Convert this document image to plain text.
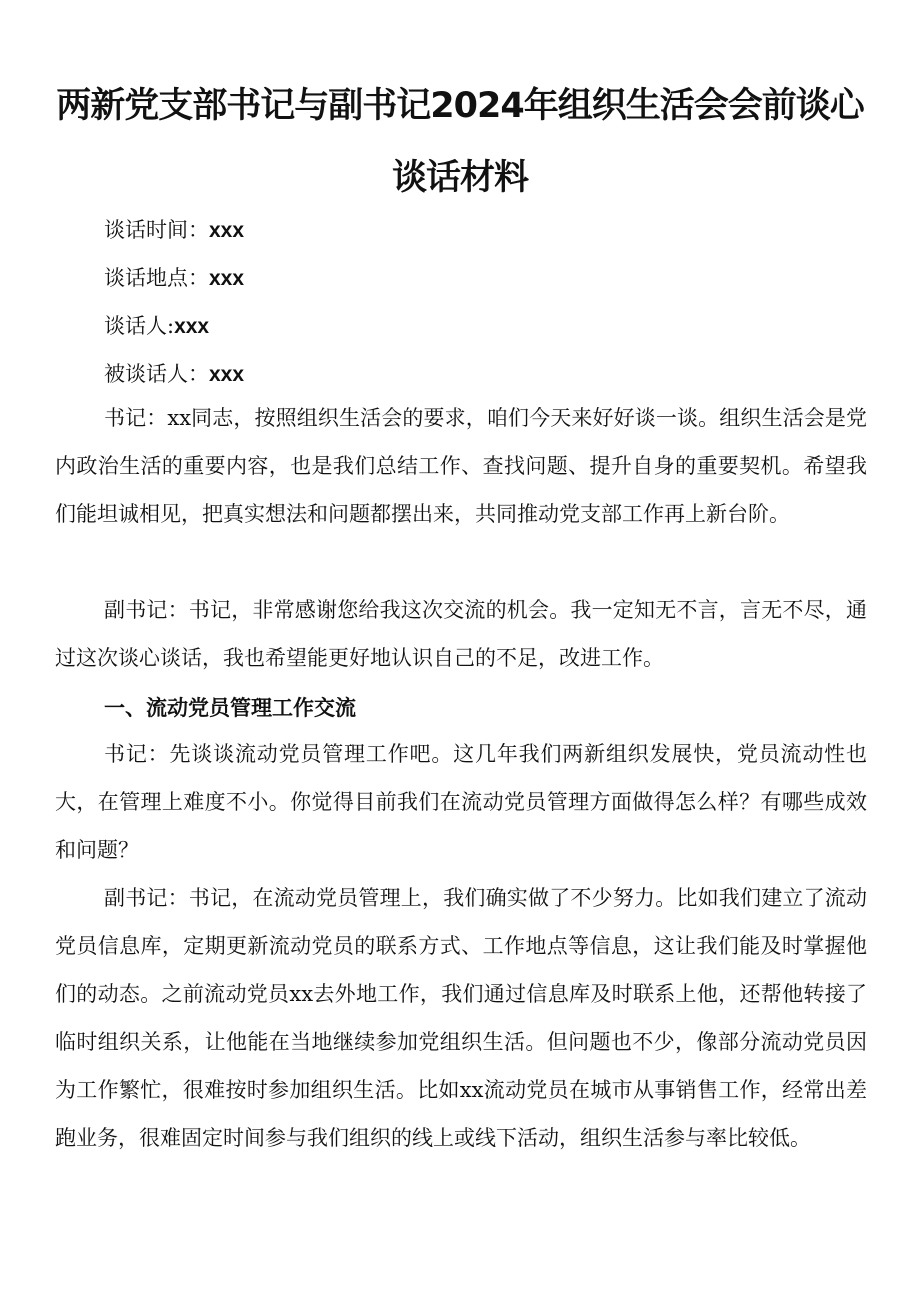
两新党支部书记与副书记2024年组织生活会会前谈心
谈话材料
谈话时间：xxx
谈话地点：xxx
谈话人:xxx
被谈话人：xxx

书记：xx同志，按照组织生活会的要求，咱们今天来好好谈一谈。组织生活会是党内政治生活的重要内容，也是我们总结工作、查找问题、提升自身的重要契机。希望我们能坦诚相见，把真实想法和问题都摆出来，共同推动党支部工作再上新台阶。

副书记：书记，非常感谢您给我这次交流的机会。我一定知无不言，言无不尽，通过这次谈心谈话，我也希望能更好地认识自己的不足，改进工作。

一、流动党员管理工作交流

书记：先谈谈流动党员管理工作吧。这几年我们两新组织发展快，党员流动性也大，在管理上难度不小。你觉得目前我们在流动党员管理方面做得怎么样？有哪些成效和问题？

副书记：书记，在流动党员管理上，我们确实做了不少努力。比如我们建立了流动党员信息库，定期更新流动党员的联系方式、工作地点等信息，这让我们能及时掌握他们的动态。之前流动党员xx去外地工作，我们通过信息库及时联系上他，还帮他转接了临时组织关系，让他能在当地继续参加党组织生活。但问题也不少，像部分流动党员因为工作繁忙，很难按时参加组织生活。比如xx流动党员在城市从事销售工作，经常出差跑业务，很难固定时间参与我们组织的线上或线下活动，组织生活参与率比较低。
